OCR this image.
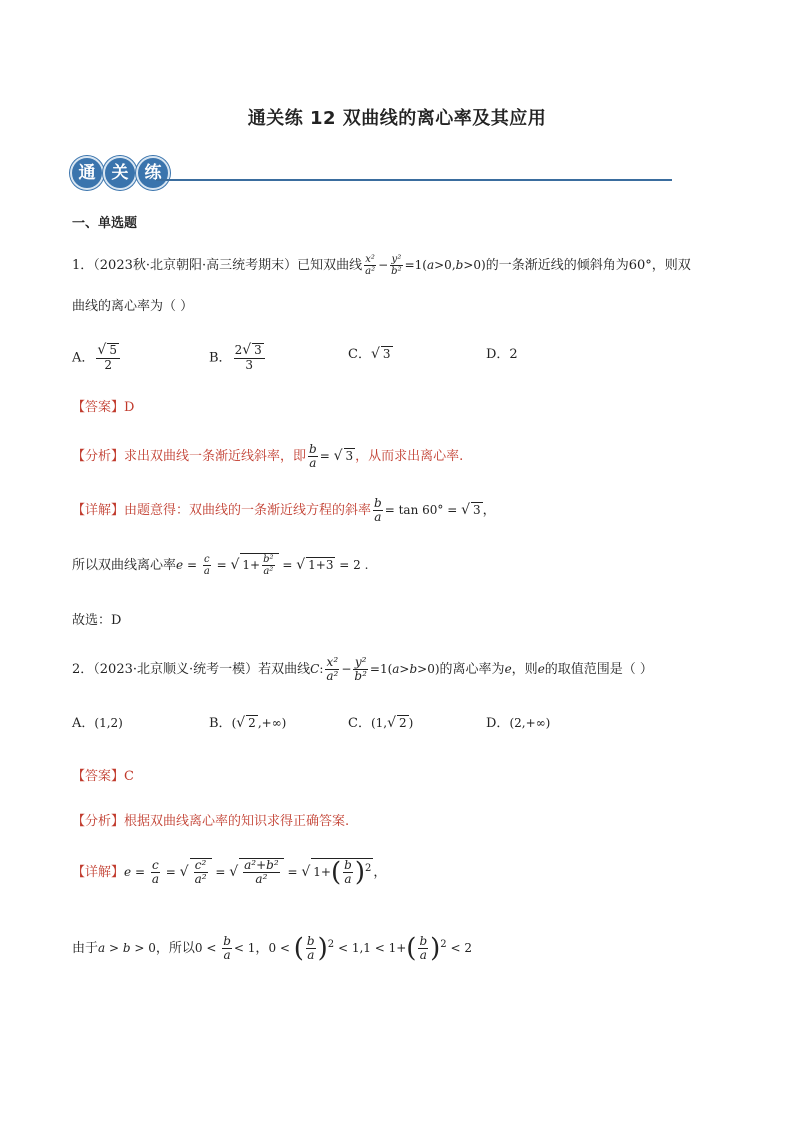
通关练 12 双曲线的离心率及其应用
通 关 练
一、单选题
1．（2023秋·北京朝阳·高三统考期末）已知双曲线 $\frac{\text{x²}}{\text{a²}} - \frac{\text{y²}}{\text{b²}} =1(a>0,b>0)$的一条渐近线的倾斜角为60°，则双
曲线的离心率为（ ）
A． $\frac{√ 5}{2}$	B． $\frac{2√ 3}{3}$	C．√ 3	D．2
【答案】D
【分析】求出双曲线一条渐近线斜率，即 $\frac{b}{a}$ = √ 3 ，从而求出离心率.
【详解】由题意得：双曲线的一条渐近线方程的斜率 $\frac{b}{a} = \tan 60^\circ$ = √ 3 ，
所以双曲线离心率$e = \frac{c}{a}$ = √ $1+ \frac{\text{b²}}{\text{a²}}$ = √ 1+3 = 2 .
故选：D
2．（2023·北京顺义·统考一模）若双曲线C: $\frac{\text{x²}}{\text{a²}} - \frac{\text{y²}}{\text{b²}} =1(a>b>0)$的离心率为e，则e的取值范围是（ ）
A．(1,2)	B．(√ 2 ,+∞)	C．(1,√ 2 )	D．(2,+∞)
【答案】C
【分析】根据双曲线离心率的知识求得正确答案.
【详解】$e = \frac{c}{a}$ = √ $\frac{\text{c²}}{\text{a²}}$ = √ $\frac{\text{a²+b²}}{\text{a²}}$ = √ $1+( \frac{b}{a} )^2$ ，
由于a > b > 0，所以$0 < \frac{b}{a} < 1$，0 < ( $\frac{b}{a} )^2 < 1,1 < 1+( \frac{b}{a} )^2 < 2$
